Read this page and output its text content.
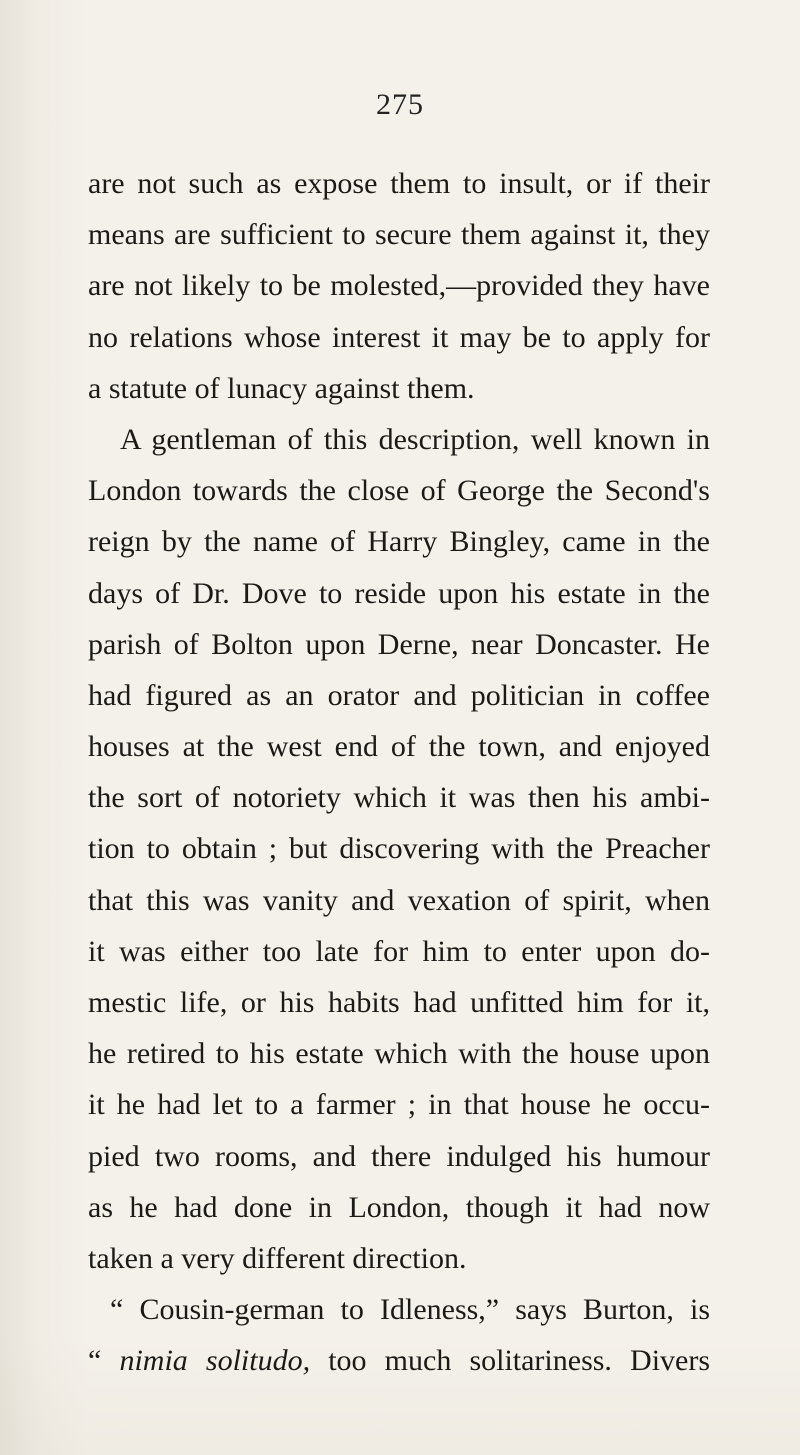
275
are not such as expose them to insult, or if their
means are sufficient to secure them against it, they
are not likely to be molested,—provided they have
no relations whose interest it may be to apply for
a statute of lunacy against them.
A gentleman of this description, well known in
London towards the close of George the Second's
reign by the name of Harry Bingley, came in the
days of Dr. Dove to reside upon his estate in the
parish of Bolton upon Derne, near Doncaster. He
had figured as an orator and politician in coffee
houses at the west end of the town, and enjoyed
the sort of notoriety which it was then his ambi-
tion to obtain ; but discovering with the Preacher
that this was vanity and vexation of spirit, when
it was either too late for him to enter upon do-
mestic life, or his habits had unfitted him for it,
he retired to his estate which with the house upon
it he had let to a farmer ; in that house he occu-
pied two rooms, and there indulged his humour
as he had done in London, though it had now
taken a very different direction.
“ Cousin-german to Idleness,” says Burton, is
“ nimia solitudo, too much solitariness. Divers
